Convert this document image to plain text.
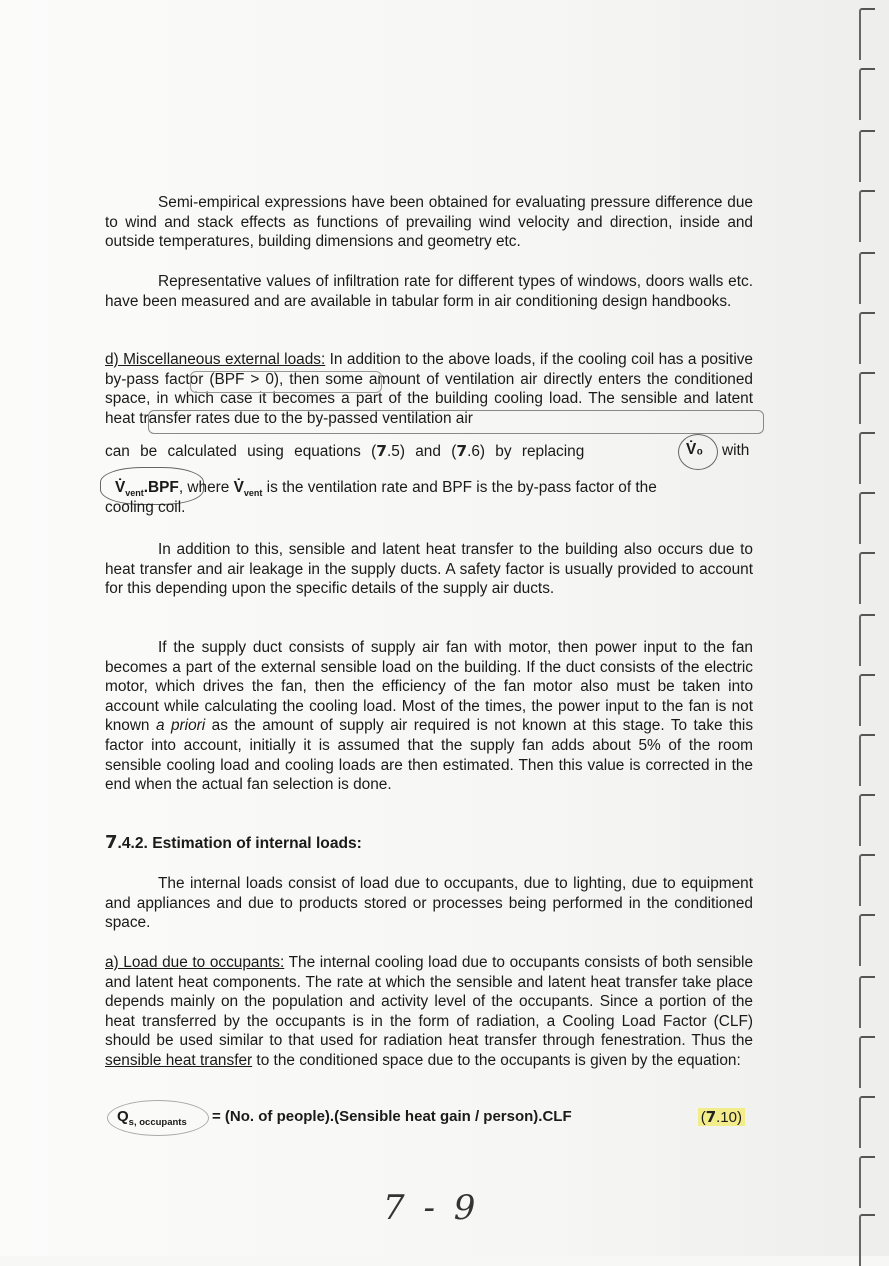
Semi-empirical expressions have been obtained for evaluating pressure difference due to wind and stack effects as functions of prevailing wind velocity and direction, inside and outside temperatures, building dimensions and geometry etc.

Representative values of infiltration rate for different types of windows, doors walls etc. have been measured and are available in tabular form in air conditioning design handbooks.

d) Miscellaneous external loads: In addition to the above loads, if the cooling coil has a positive by-pass factor (BPF > 0), then some amount of ventilation air directly enters the conditioned space, in which case it becomes a part of the building cooling load. The sensible and latent heat transfer rates due to the by-passed ventilation air

can be calculated using equations (7.5) and (7.6) by replacing	V̇₀ with

$V̇_{vent}.BPF$, where $V̇_{vent}$ is the ventilation rate and BPF is the by-pass factor of the

cooling coil.

In addition to this, sensible and latent heat transfer to the building also occurs due to heat transfer and air leakage in the supply ducts. A safety factor is usually provided to account for this depending upon the specific details of the supply air ducts.

If the supply duct consists of supply air fan with motor, then power input to the fan becomes a part of the external sensible load on the building. If the duct consists of the electric motor, which drives the fan, then the efficiency of the fan motor also must be taken into account while calculating the cooling load. Most of the times, the power input to the fan is not known a priori as the amount of supply air required is not known at this stage. To take this factor into account, initially it is assumed that the supply fan adds about 5% of the room sensible cooling load and cooling loads are then estimated. Then this value is corrected in the end when the actual fan selection is done.

7.4.2. Estimation of internal loads:

The internal loads consist of load due to occupants, due to lighting, due to equipment and appliances and due to products stored or processes being performed in the conditioned space.

a) Load due to occupants: The internal cooling load due to occupants consists of both sensible and latent heat components. The rate at which the sensible and latent heat transfer take place depends mainly on the population and activity level of the occupants. Since a portion of the heat transferred by the occupants is in the form of radiation, a Cooling Load Factor (CLF) should be used similar to that used for radiation heat transfer through fenestration. Thus the sensible heat transfer to the conditioned space due to the occupants is given by the equation:

$Q_{s, occupants} = (No$. of people).(Sensible heat gain / person).CLF	(7.10)
7 - 9
